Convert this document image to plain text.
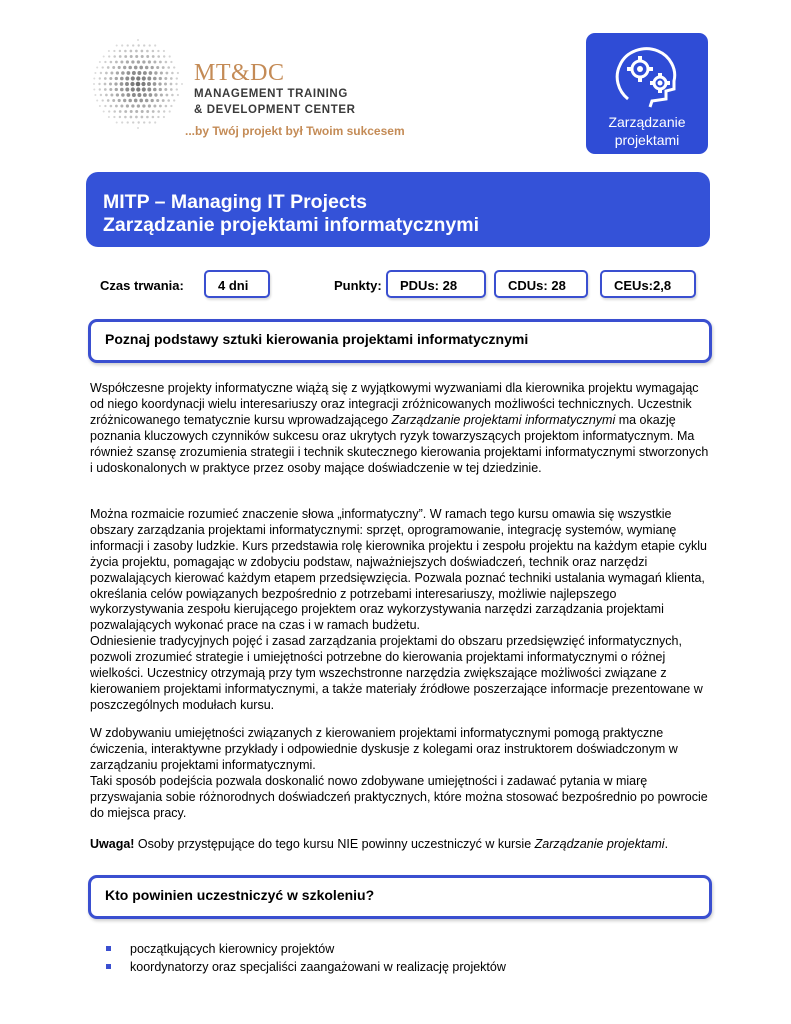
MT&DC
MANAGEMENT TRAINING
& DEVELOPMENT CENTER
...by Twój projekt był Twoim sukcesem
Zarządzanie
projektami
MITP – Managing IT Projects
Zarządzanie projektami informatycznymi
Czas trwania:	4 dni	Punkty:	PDUs: 28	CDUs: 28	CEUs:2,8
Poznaj podstawy sztuki kierowania projektami informatycznymi

Współczesne projekty informatyczne wiążą się z wyjątkowymi wyzwaniami dla kierownika projektu wymagając od niego koordynacji wielu interesariuszy oraz integracji zróżnicowanych możliwości technicznych. Uczestnik zróżnicowanego tematycznie kursu wprowadzającego Zarządzanie projektami informatycznymi ma okazję poznania kluczowych czynników sukcesu oraz ukrytych ryzyk towarzyszących projektom informatycznym. Ma również szansę zrozumienia strategii i technik skutecznego kierowania projektami informatycznymi stworzonych i udoskonalonych w praktyce przez osoby mające doświadczenie w tej dziedzinie.

Można rozmaicie rozumieć znaczenie słowa „informatyczny”. W ramach tego kursu omawia się wszystkie obszary zarządzania projektami informatycznymi: sprzęt, oprogramowanie, integrację systemów, wymianę informacji i zasoby ludzkie. Kurs przedstawia rolę kierownika projektu i zespołu projektu na każdym etapie cyklu życia projektu, pomagając w zdobyciu podstaw, najważniejszych doświadczeń, technik oraz narzędzi pozwalających kierować każdym etapem przedsięwzięcia. Pozwala poznać techniki ustalania wymagań klienta, określania celów powiązanych bezpośrednio z potrzebami interesariuszy, możliwie najlepszego wykorzystywania zespołu kierującego projektem oraz wykorzystywania narzędzi zarządzania projektami pozwalających wykonać prace na czas i w ramach budżetu.

Odniesienie tradycyjnych pojęć i zasad zarządzania projektami do obszaru przedsięwzięć informatycznych, pozwoli zrozumieć strategie i umiejętności potrzebne do kierowania projektami informatycznymi o różnej wielkości. Uczestnicy otrzymają przy tym wszechstronne narzędzia zwiększające możliwości związane z kierowaniem projektami informatycznymi, a także materiały źródłowe poszerzające informacje prezentowane w poszczególnych modułach kursu.

W zdobywaniu umiejętności związanych z kierowaniem projektami informatycznymi pomogą praktyczne ćwiczenia, interaktywne przykłady i odpowiednie dyskusje z kolegami oraz instruktorem doświadczonym w zarządzaniu projektami informatycznymi.

Taki sposób podejścia pozwala doskonalić nowo zdobywane umiejętności i zadawać pytania w miarę przyswajania sobie różnorodnych doświadczeń praktycznych, które można stosować bezpośrednio po powrocie do miejsca pracy.

Uwaga! Osoby przystępujące do tego kursu NIE powinny uczestniczyć w kursie Zarządzanie projektami.

Kto powinien uczestniczyć w szkoleniu?
początkujących kierownicy projektów
koordynatorzy oraz specjaliści zaangażowani w realizację projektów
